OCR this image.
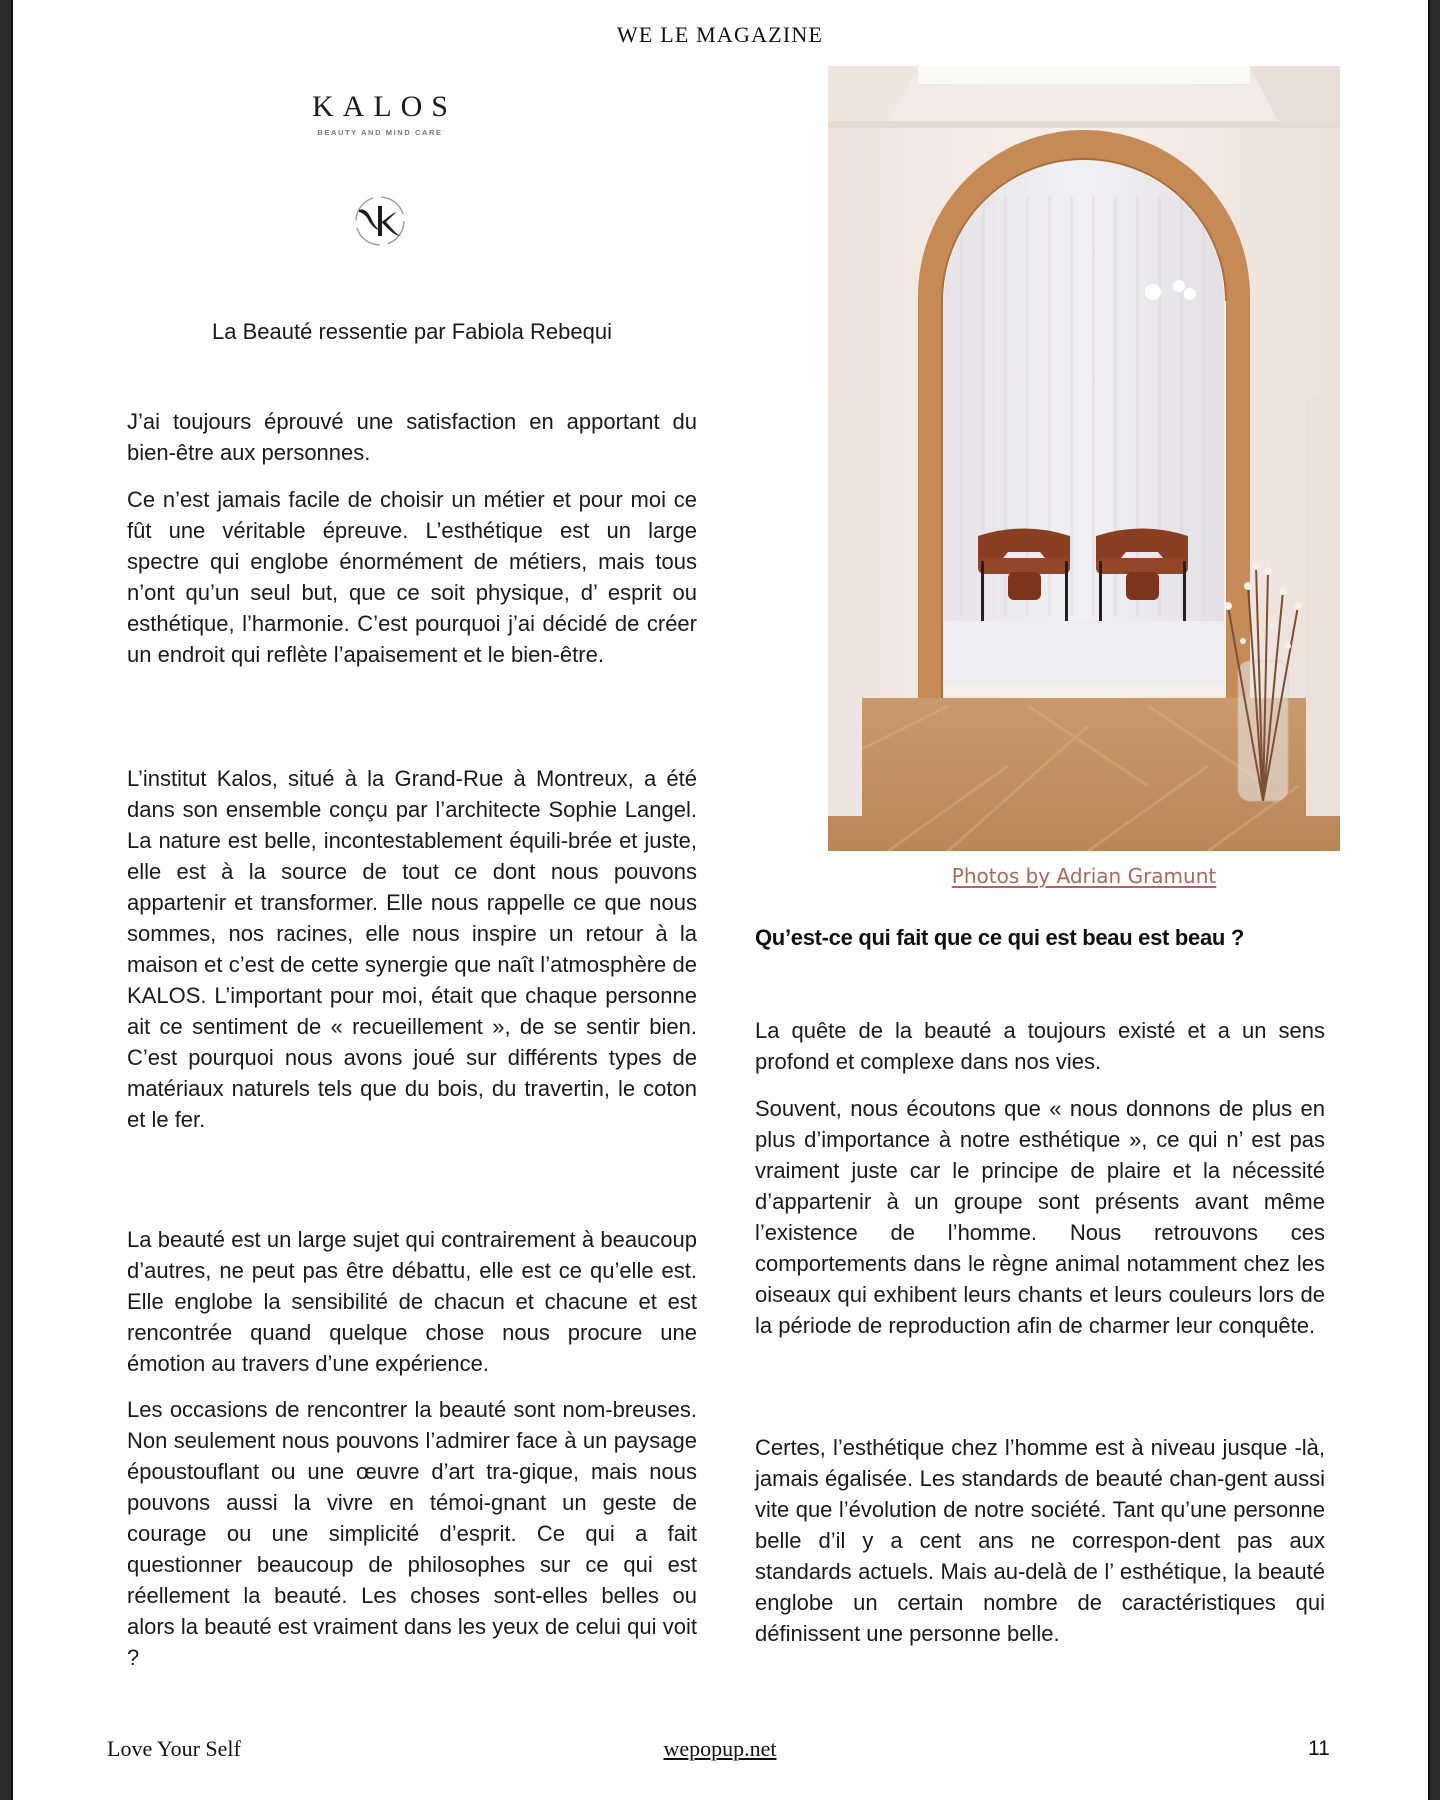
WE LE MAGAZINE
KALOS
BEAUTY AND MIND CARE
La Beauté ressentie par Fabiola Rebequi

J’ai toujours éprouvé une satisfaction en apportant du bien-être aux personnes.

Ce n’est jamais facile de choisir un métier et pour moi ce fût une véritable épreuve. L’esthétique est un large spectre qui englobe énormément de métiers, mais tous n’ont qu’un seul but, que ce soit physique, d’ esprit ou esthétique, l’harmonie. C’est pourquoi j’ai décidé de créer un endroit qui reflète l’apaisement et le bien-être.

L’institut Kalos, situé à la Grand-Rue à Montreux, a été dans son ensemble conçu par l’architecte Sophie Langel. La nature est belle, incontestablement équili-brée et juste, elle est à la source de tout ce dont nous pouvons appartenir et transformer. Elle nous rappelle ce que nous sommes, nos racines, elle nous inspire un retour à la maison et c’est de cette synergie que naît l’atmosphère de KALOS. L’important pour moi, était que chaque personne ait ce sentiment de « recueillement », de se sentir bien. C’est pourquoi nous avons joué sur différents types de matériaux naturels tels que du bois, du travertin, le coton et le fer.

La beauté est un large sujet qui contrairement à beaucoup d’autres, ne peut pas être débattu, elle est ce qu’elle est. Elle englobe la sensibilité de chacun et chacune et est rencontrée quand quelque chose nous procure une émotion au travers d’une expérience.

Les occasions de rencontrer la beauté sont nom-breuses. Non seulement nous pouvons l’admirer face à un paysage époustouflant ou une œuvre d’art tra-gique, mais nous pouvons aussi la vivre en témoi-gnant un geste de courage ou une simplicité d’esprit. Ce qui a fait questionner beaucoup de philosophes sur ce qui est réellement la beauté. Les choses sont-elles belles ou alors la beauté est vraiment dans les yeux de celui qui voit ?

Photos by Adrian Gramunt
Qu’est-ce qui fait que ce qui est beau est beau ?

La quête de la beauté a toujours existé et a un sens profond et complexe dans nos vies.

Souvent, nous écoutons que « nous donnons de plus en plus d’importance à notre esthétique », ce qui n’ est pas vraiment juste car le principe de plaire et la nécessité d’appartenir à un groupe sont présents avant même l’existence de l’homme. Nous retrouvons ces comportements dans le règne animal notamment chez les oiseaux qui exhibent leurs chants et leurs couleurs lors de la période de reproduction afin de charmer leur conquête.

Certes, l’esthétique chez l’homme est à niveau jusque -là, jamais égalisée. Les standards de beauté chan-gent aussi vite que l’évolution de notre société. Tant qu’une personne belle d’il y a cent ans ne correspon-dent pas aux standards actuels. Mais au-delà de l’ esthétique, la beauté englobe un certain nombre de caractéristiques qui définissent une personne belle.

Love Your Self	wepopup.net	11
